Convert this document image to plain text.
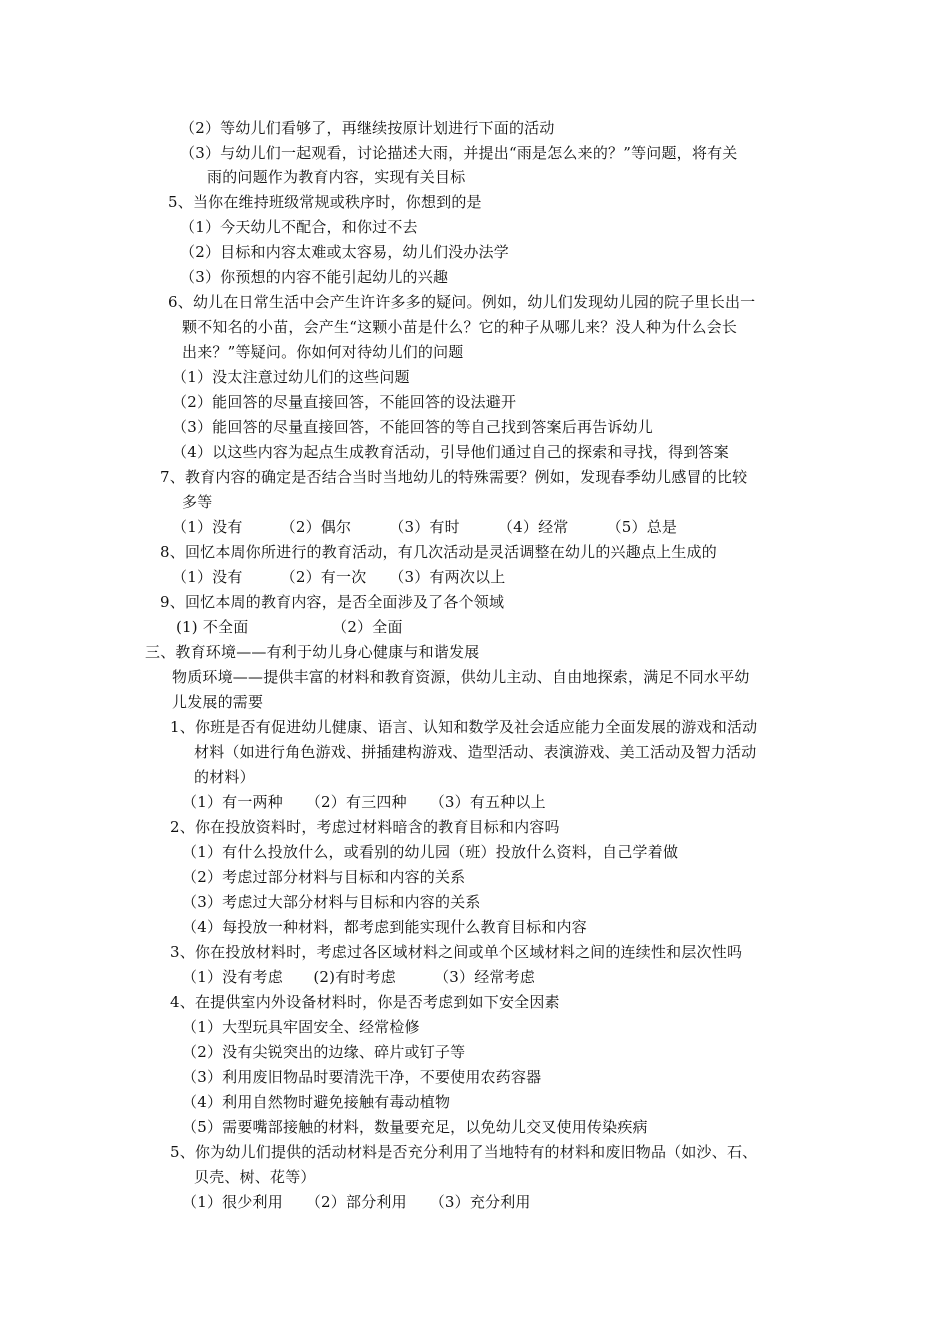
（2）等幼儿们看够了，再继续按原计划进行下面的活动
（3）与幼儿们一起观看，讨论描述大雨，并提出“雨是怎么来的？”等问题，将有关
雨的问题作为教育内容，实现有关目标
5、当你在维持班级常规或秩序时，你想到的是
（1）今天幼儿不配合，和你过不去
（2）目标和内容太难或太容易，幼儿们没办法学
（3）你预想的内容不能引起幼儿的兴趣
6、幼儿在日常生活中会产生许许多多的疑问。例如，幼儿们发现幼儿园的院子里长出一
颗不知名的小苗，会产生“这颗小苗是什么？它的种子从哪儿来？没人种为什么会长
出来？”等疑问。你如何对待幼儿们的问题
（1）没太注意过幼儿们的这些问题
（2）能回答的尽量直接回答，不能回答的设法避开
（3）能回答的尽量直接回答，不能回答的等自己找到答案后再告诉幼儿
（4）以这些内容为起点生成教育活动，引导他们通过自己的探索和寻找，得到答案
7、教育内容的确定是否结合当时当地幼儿的特殊需要？例如，发现春季幼儿感冒的比较
多等
（1）没有　　　（2）偶尔　　　（3）有时　　　（4）经常　　　（5）总是
8、回忆本周你所进行的教育活动，有几次活动是灵活调整在幼儿的兴趣点上生成的
（1）没有　　　（2）有一次　　（3）有两次以上
9、回忆本周的教育内容，是否全面涉及了各个领域
(1) 不全面　　　　　　（2）全面
三、教育环境——有利于幼儿身心健康与和谐发展
物质环境——提供丰富的材料和教育资源，供幼儿主动、自由地探索，满足不同水平幼
儿发展的需要
1、你班是否有促进幼儿健康、语言、认知和数学及社会适应能力全面发展的游戏和活动
材料（如进行角色游戏、拼插建构游戏、造型活动、表演游戏、美工活动及智力活动
的材料）
（1）有一两种　　（2）有三四种　　（3）有五种以上
2、你在投放资料时，考虑过材料暗含的教育目标和内容吗
（1）有什么投放什么，或看别的幼儿园（班）投放什么资料，自己学着做
（2）考虑过部分材料与目标和内容的关系
（3）考虑过大部分材料与目标和内容的关系
（4）每投放一种材料，都考虑到能实现什么教育目标和内容
3、你在投放材料时，考虑过各区域材料之间或单个区域材料之间的连续性和层次性吗
（1）没有考虑　　(2)有时考虑　　　（3）经常考虑
4、在提供室内外设备材料时，你是否考虑到如下安全因素
（1）大型玩具牢固安全、经常检修
（2）没有尖锐突出的边缘、碎片或钉子等
（3）利用废旧物品时要清洗干净，不要使用农药容器
（4）利用自然物时避免接触有毒动植物
（5）需要嘴部接触的材料，数量要充足，以免幼儿交叉使用传染疾病
5、你为幼儿们提供的活动材料是否充分利用了当地特有的材料和废旧物品（如沙、石、
贝壳、树、花等）
（1）很少利用　　（2）部分利用　　（3）充分利用
